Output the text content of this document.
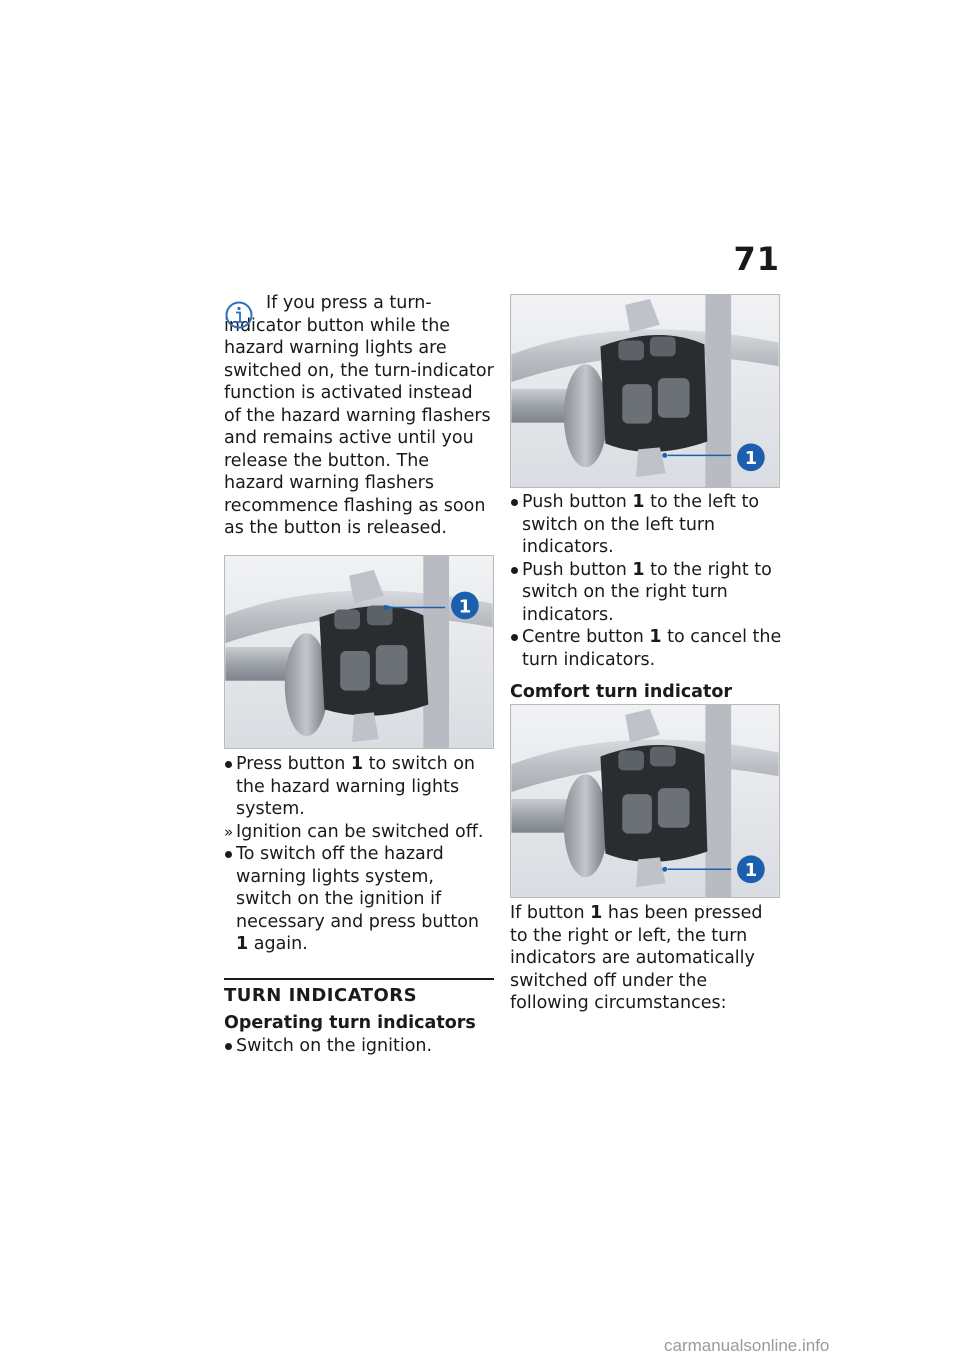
71

If you press a turn-indicator button while the hazard warning lights are switched on, the turn-indicator function is activated instead of the hazard warning flashers and remains active until you release the button. The hazard warning flashers recommence flashing as soon as the button is released.

1
Press button 1 to switch on the hazard warning lights system.
» Ignition can be switched off.
To switch off the hazard warning lights system, switch on the ignition if necessary and press button 1 again.

TURN INDICATORS

Operating turn indicators

Switch on the ignition.
1
Push button 1 to the left to switch on the left turn indicators.
Push button 1 to the right to switch on the right turn indicators.
Centre button 1 to cancel the turn indicators.

Comfort turn indicator

1

If button 1 has been pressed to the right or left, the turn indicators are automatically switched off under the following circumstances:

carmanualsonline.info
